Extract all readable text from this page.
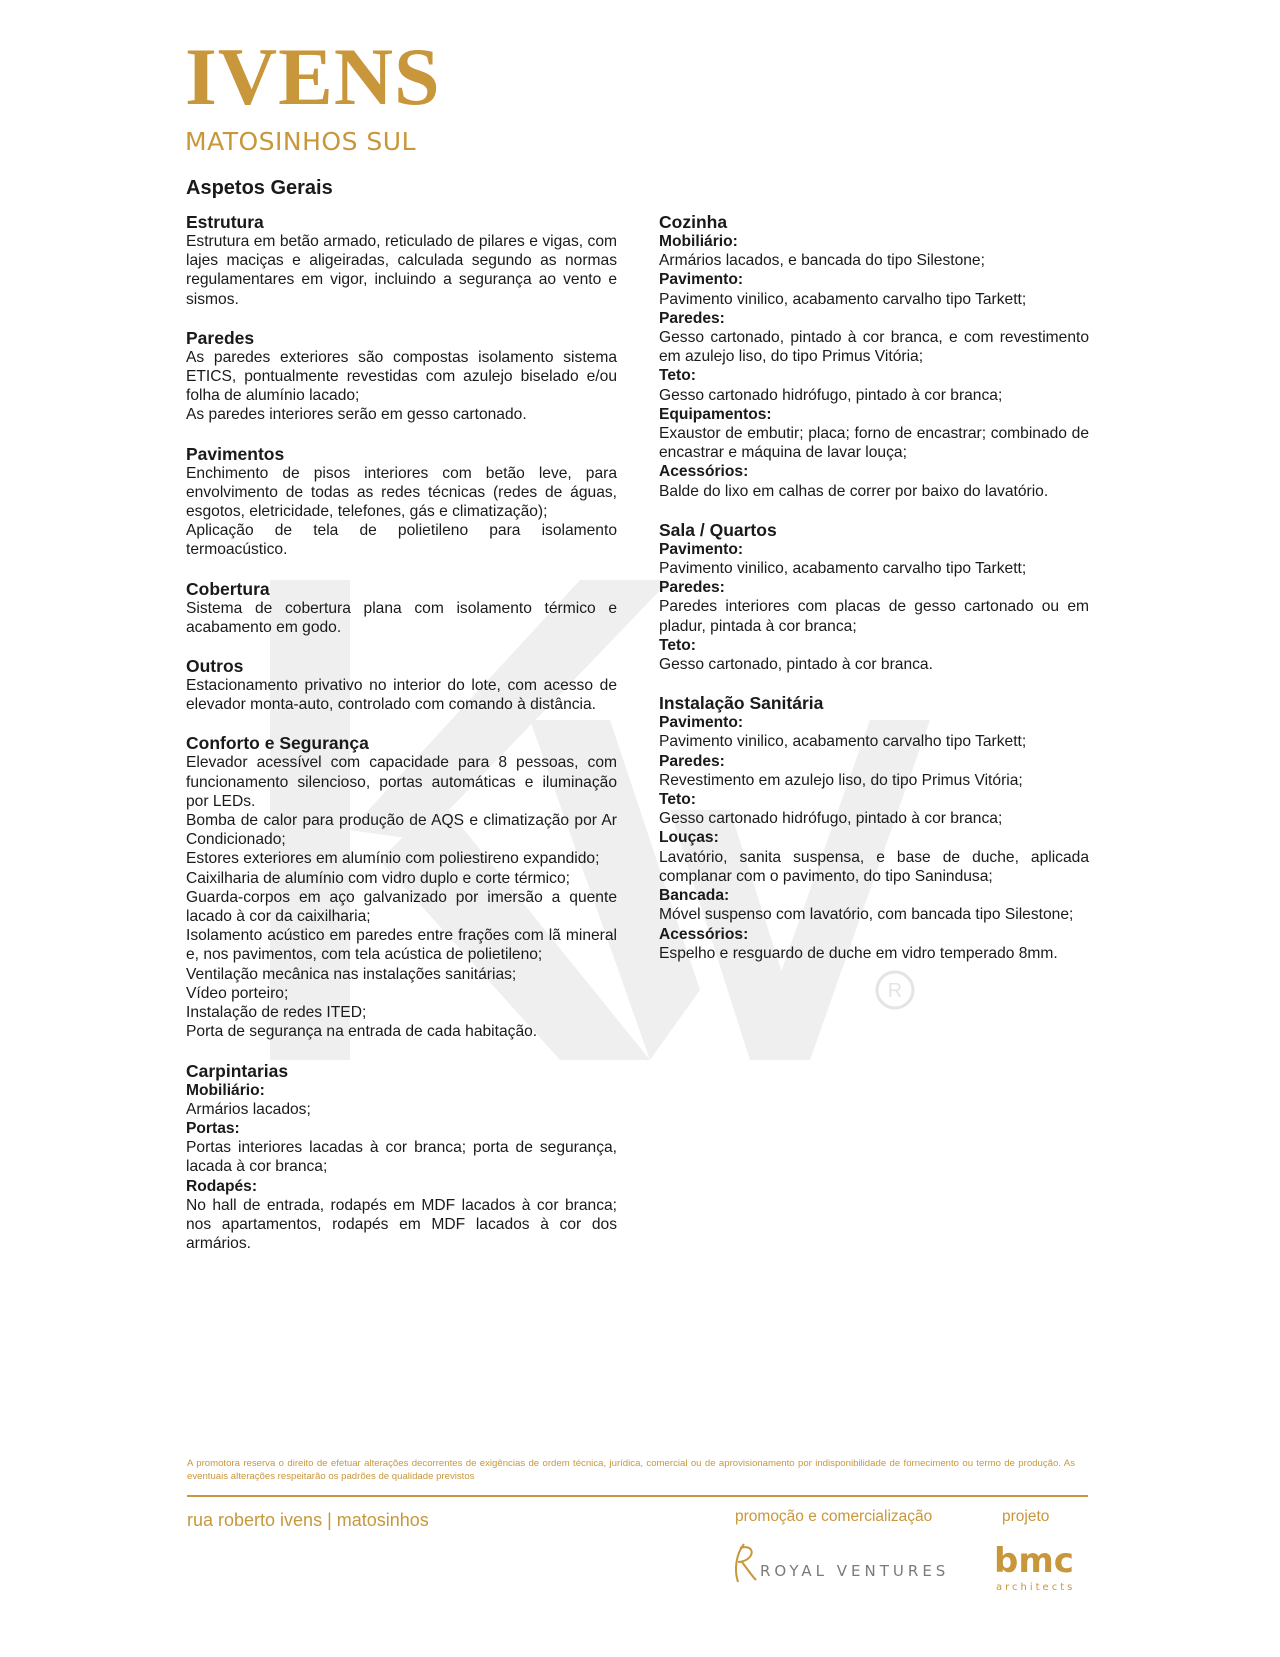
IVENS
MATOSINHOS SUL
R
Aspetos Gerais
Estrutura
Estrutura em betão armado, reticulado de pilares e vigas, com lajes maciças e aligeiradas, calculada segundo as normas regulamentares em vigor, incluindo a segurança ao vento e sismos.
Paredes
As paredes exteriores são compostas isolamento sistema ETICS, pontualmente revestidas com azulejo biselado e/ou folha de alumínio lacado;
As paredes interiores serão em gesso cartonado.
Pavimentos
Enchimento de pisos interiores com betão leve, para envolvimento de todas as redes técnicas (redes de águas, esgotos, eletricidade, telefones, gás e climatização);
Aplicação de tela de polietileno para isolamento termoacústico.
Cobertura
Sistema de cobertura plana com isolamento térmico e acabamento em godo.
Outros
Estacionamento privativo no interior do lote, com acesso de elevador monta-auto, controlado com comando à distância.
Conforto e Segurança
Elevador acessível com capacidade para 8 pessoas, com funcionamento silencioso, portas automáticas e iluminação por LEDs.
Bomba de calor para produção de AQS e climatização por Ar Condicionado;
Estores exteriores em alumínio com poliestireno expandido;
Caixilharia de alumínio com vidro duplo e corte térmico;
Guarda-corpos em aço galvanizado por imersão a quente lacado à cor da caixilharia;
Isolamento acústico em paredes entre frações com lã mineral e, nos pavimentos, com tela acústica de polietileno;
Ventilação mecânica nas instalações sanitárias;
Vídeo porteiro;
Instalação de redes ITED;
Porta de segurança na entrada de cada habitação.
Carpintarias
Mobiliário:
Armários lacados;
Portas:
Portas interiores lacadas à cor branca; porta de segurança, lacada à cor branca;
Rodapés:
No hall de entrada, rodapés em MDF lacados à cor branca; nos apartamentos, rodapés em MDF lacados à cor dos armários.
Cozinha
Mobiliário:
Armários lacados, e bancada do tipo Silestone;
Pavimento:
Pavimento vinilico, acabamento carvalho tipo Tarkett;
Paredes:
Gesso cartonado, pintado à cor branca, e com revestimento em azulejo liso, do tipo Primus Vitória;
Teto:
Gesso cartonado hidrófugo, pintado à cor branca;
Equipamentos:
Exaustor de embutir; placa; forno de encastrar; combinado de encastrar e máquina de lavar louça;
Acessórios:
Balde do lixo em calhas de correr por baixo do lavatório.
Sala / Quartos
Pavimento:
Pavimento vinilico, acabamento carvalho tipo Tarkett;
Paredes:
Paredes interiores com placas de gesso cartonado ou em pladur, pintada à cor branca;
Teto:
Gesso cartonado, pintado à cor branca.
Instalação Sanitária
Pavimento:
Pavimento vinilico, acabamento carvalho tipo Tarkett;
Paredes:
Revestimento em azulejo liso, do tipo Primus Vitória;
Teto:
Gesso cartonado hidrófugo, pintado à cor branca;
Louças:
Lavatório, sanita suspensa, e base de duche, aplicada complanar com o pavimento, do tipo Sanindusa;
Bancada:
Móvel suspenso com lavatório, com bancada tipo Silestone;
Acessórios:
Espelho e resguardo de duche em vidro temperado 8mm.
A promotora reserva o direito de efetuar alterações decorrentes de exigências de ordem técnica, jurídica, comercial ou de aprovisionamento por indisponibilidade de fornecimento ou termo de produção. As eventuais alterações respeitarão os padrões de qualidade previstos
rua roberto ivens | matosinhos	promoção e comercialização	projeto
ROYAL VENTURES bmc
architects
